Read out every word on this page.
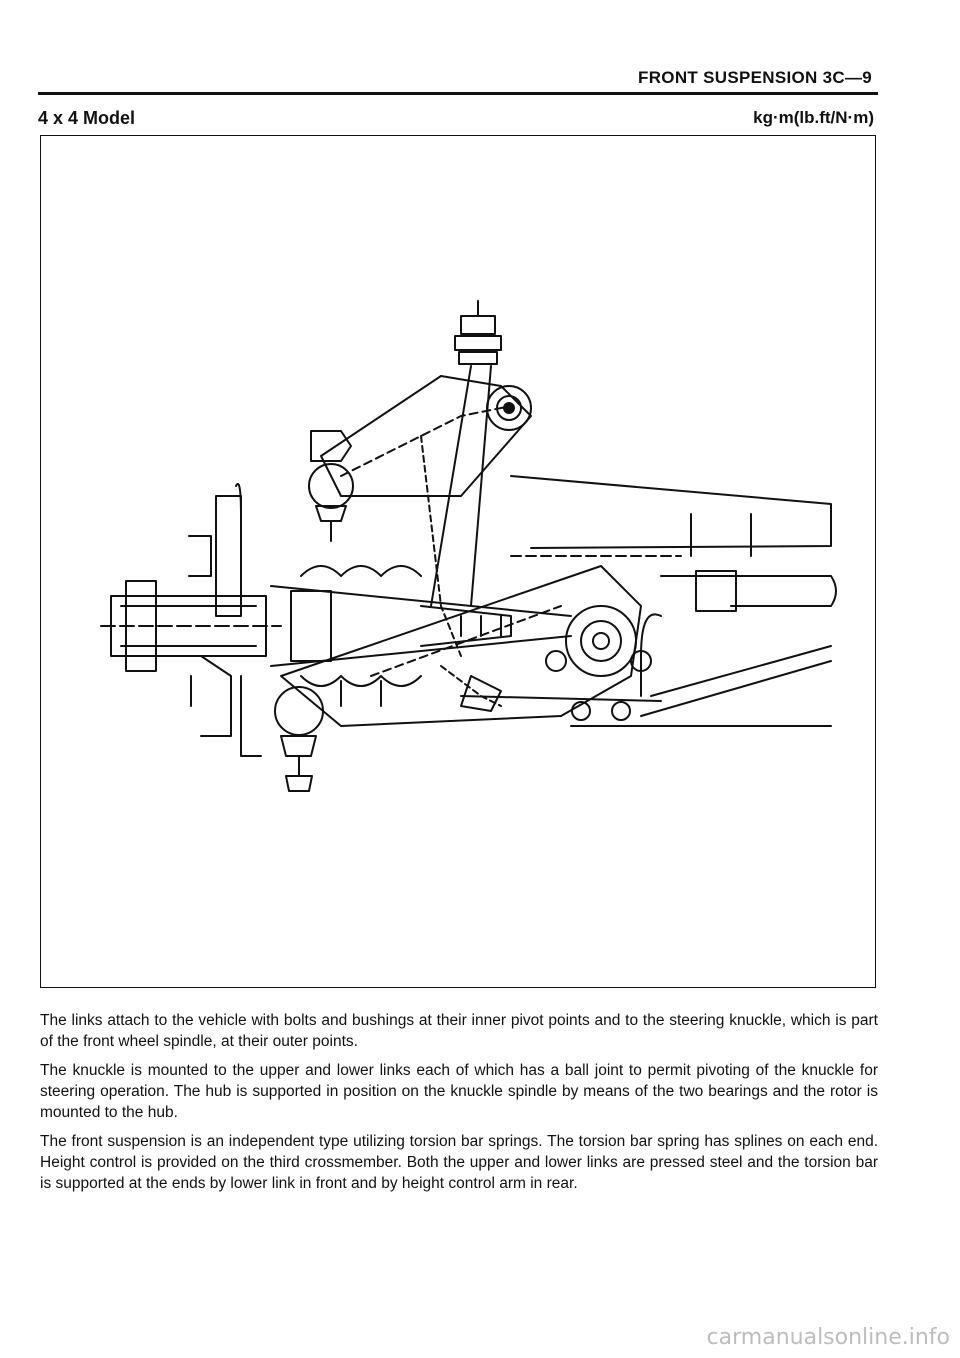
FRONT SUSPENSION 3C—9
4 x 4 Model	kg·m(lb.ft/N·m)

The links attach to the vehicle with bolts and bushings at their inner pivot points and to the steering knuckle, which is part of the front wheel spindle, at their outer points.

The knuckle is mounted to the upper and lower links each of which has a ball joint to permit pivoting of the knuckle for steering operation. The hub is supported in position on the knuckle spindle by means of the two bearings and the rotor is mounted to the hub.

The front suspension is an independent type utilizing torsion bar springs. The torsion bar spring has splines on each end. Height control is provided on the third crossmember. Both the upper and lower links are pressed steel and the torsion bar is supported at the ends by lower link in front and by height control arm in rear.

carmanualsonline.info
